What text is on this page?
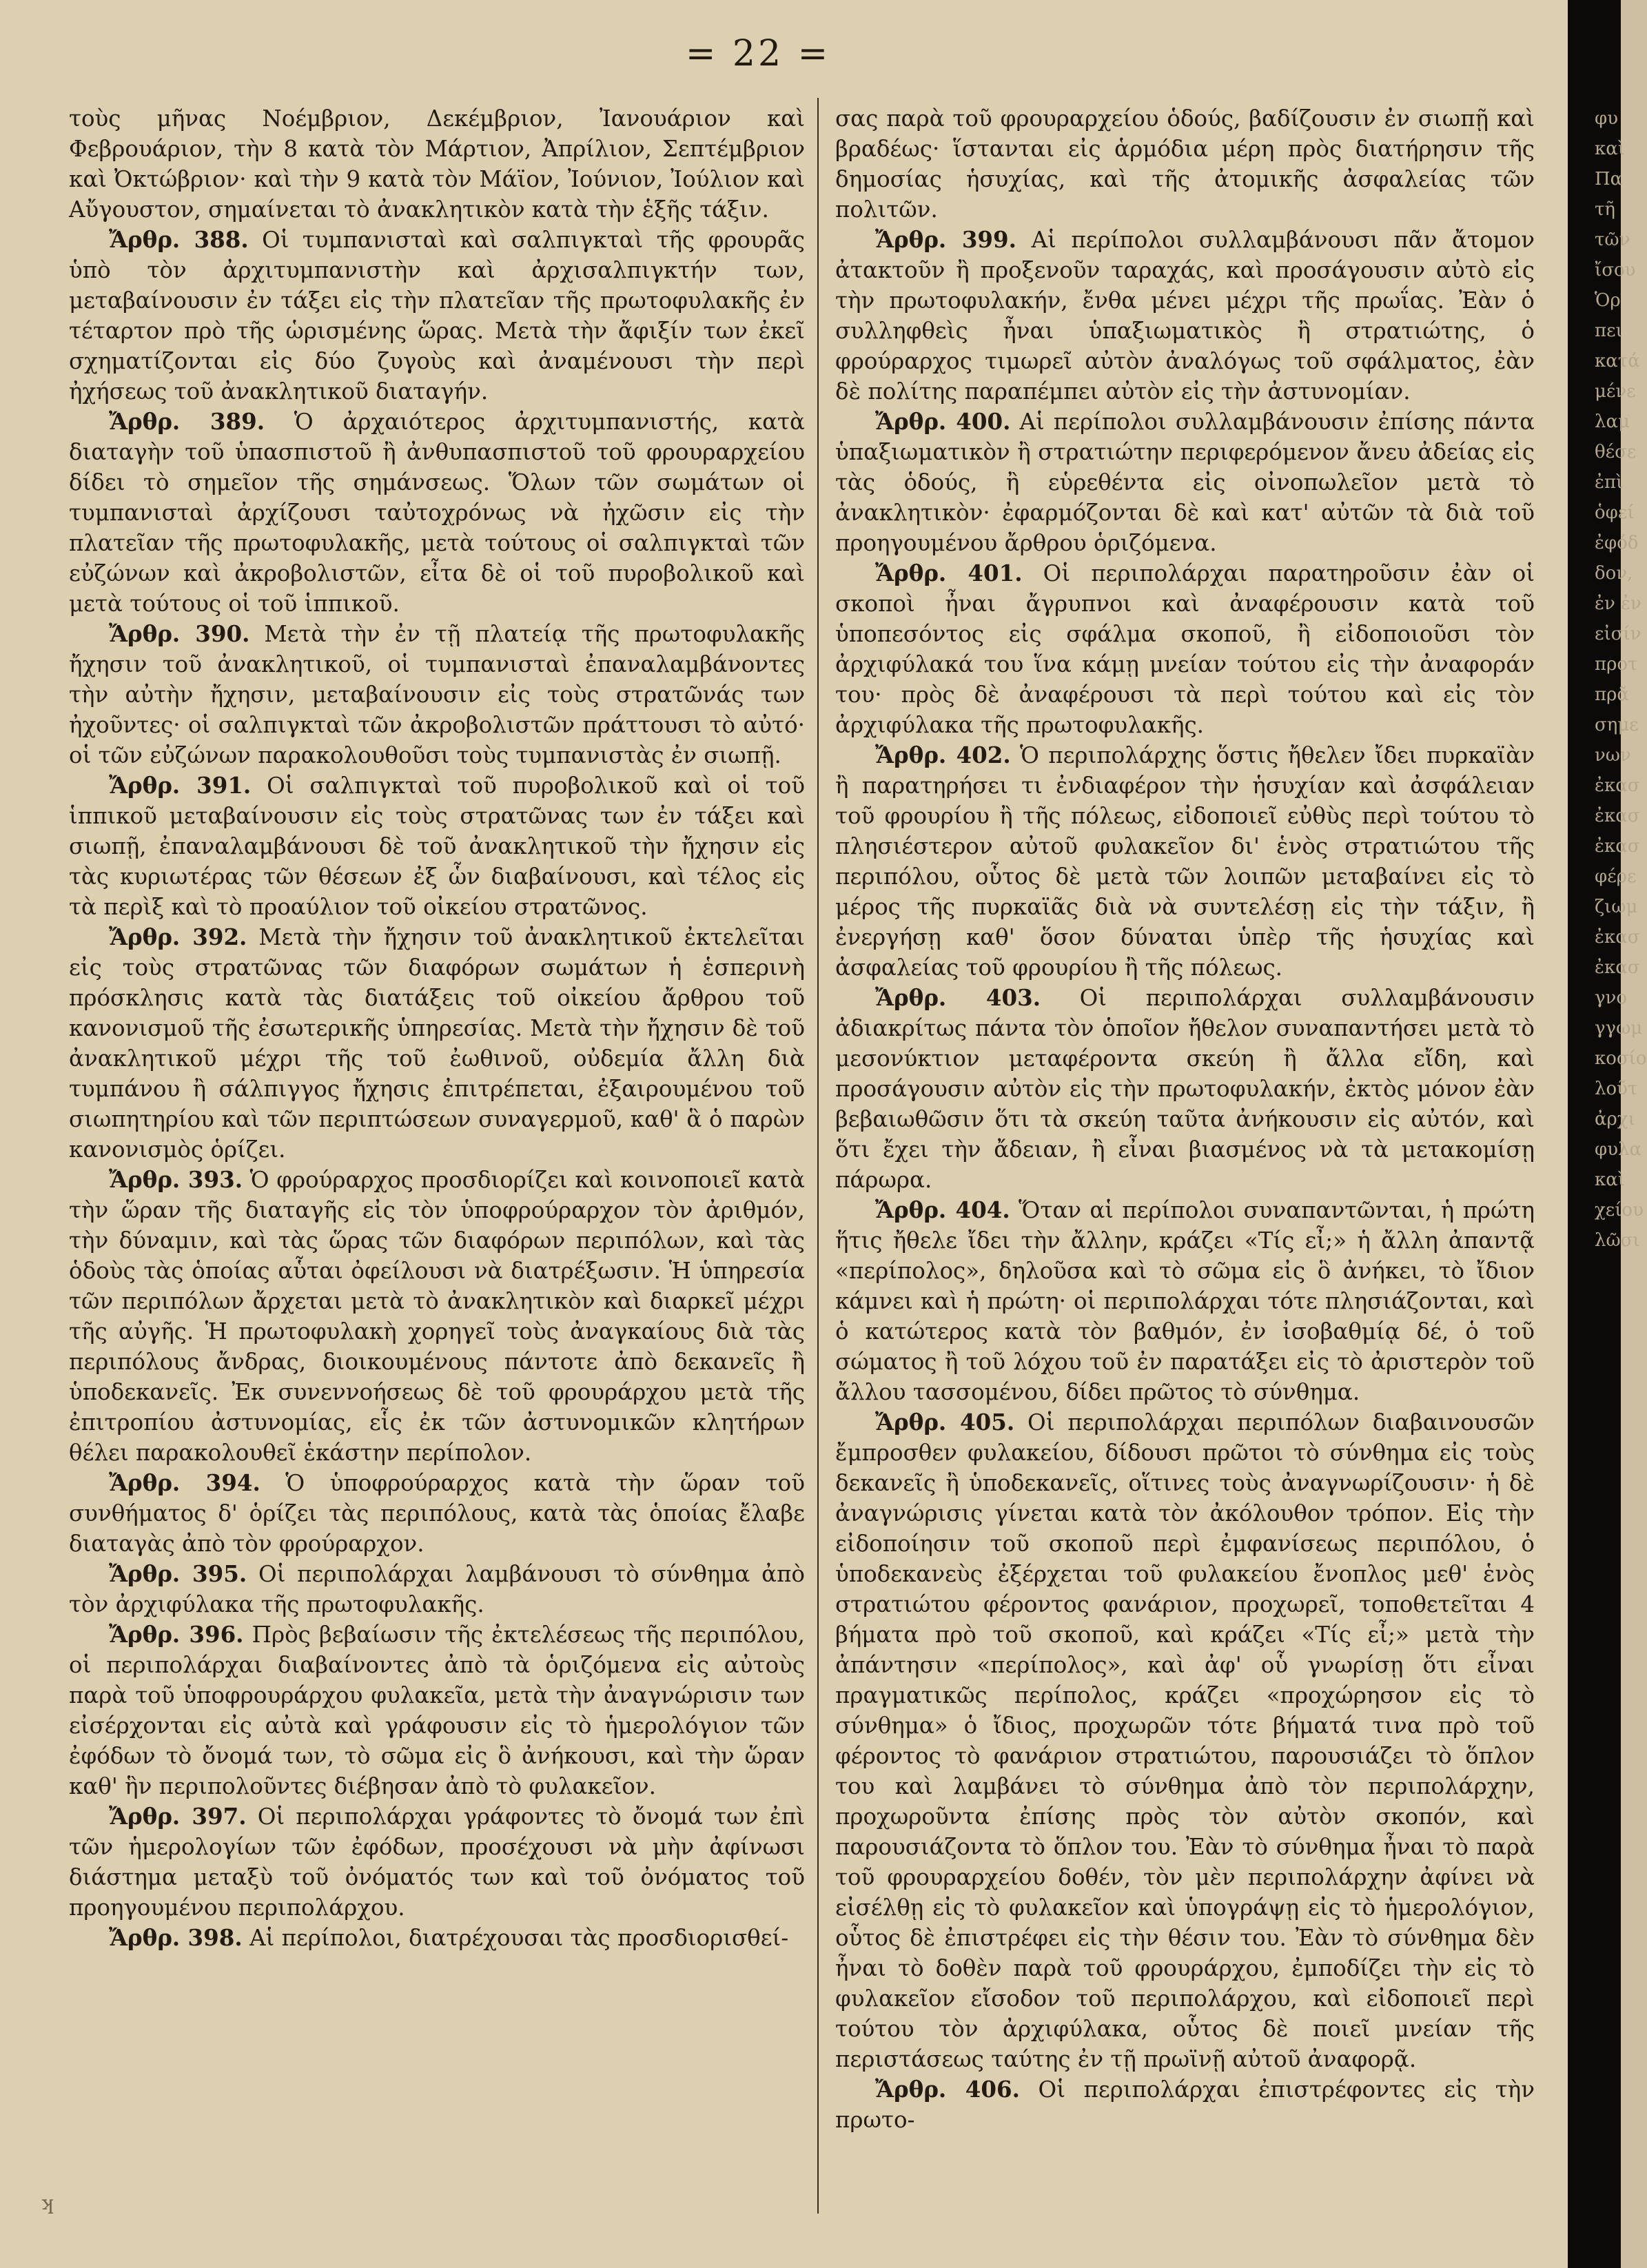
= 22 =

τοὺς μῆνας Νοέμβριον, Δεκέμβριον, Ἰανουάριον καὶ Φεβρουάριον, τὴν 8 κατὰ τὸν Μάρτιον, Ἀπρίλιον, Σεπτέμβριον καὶ Ὀκτώβριον· καὶ τὴν 9 κατὰ τὸν Μάϊον, Ἰούνιον, Ἰούλιον καὶ Αὔγουστον, σημαίνεται τὸ ἀνακλητικὸν κατὰ τὴν ἑξῆς τάξιν.

Ἄρθρ. 388. Οἱ τυμπανισταὶ καὶ σαλπιγκταὶ τῆς φρουρᾶς ὑπὸ τὸν ἀρχιτυμπανιστὴν καὶ ἀρχισαλπιγκτήν των, μεταβαίνουσιν ἐν τάξει εἰς τὴν πλατεῖαν τῆς πρωτοφυλακῆς ἐν τέταρτον πρὸ τῆς ὡρισμένης ὥρας. Μετὰ τὴν ἄφιξίν των ἐκεῖ σχηματίζονται εἰς δύο ζυγοὺς καὶ ἀναμένουσι τὴν περὶ ἠχήσεως τοῦ ἀνακλητικοῦ διαταγήν.

Ἄρθρ. 389. Ὁ ἀρχαιότερος ἀρχιτυμπανιστής, κατὰ διαταγὴν τοῦ ὑπασπιστοῦ ἢ ἀνθυπασπιστοῦ τοῦ φρουραρχείου δίδει τὸ σημεῖον τῆς σημάνσεως. Ὅλων τῶν σωμάτων οἱ τυμπανισταὶ ἀρχίζουσι ταὐτοχρόνως νὰ ἠχῶσιν εἰς τὴν πλατεῖαν τῆς πρωτοφυλακῆς, μετὰ τούτους οἱ σαλπιγκταὶ τῶν εὐζώνων καὶ ἀκροβολιστῶν, εἶτα δὲ οἱ τοῦ πυροβολικοῦ καὶ μετὰ τούτους οἱ τοῦ ἱππικοῦ.

Ἄρθρ. 390. Μετὰ τὴν ἐν τῇ πλατείᾳ τῆς πρωτοφυλακῆς ἤχησιν τοῦ ἀνακλητικοῦ, οἱ τυμπανισταὶ ἐπαναλαμβάνοντες τὴν αὐτὴν ἤχησιν, μεταβαίνουσιν εἰς τοὺς στρατῶνάς των ἠχοῦντες· οἱ σαλπιγκταὶ τῶν ἀκροβολιστῶν πράττουσι τὸ αὐτό· οἱ τῶν εὐζώνων παρακολουθοῦσι τοὺς τυμπανιστὰς ἐν σιωπῇ.

Ἄρθρ. 391. Οἱ σαλπιγκταὶ τοῦ πυροβολικοῦ καὶ οἱ τοῦ ἱππικοῦ μεταβαίνουσιν εἰς τοὺς στρατῶνας των ἐν τάξει καὶ σιωπῇ, ἐπαναλαμβάνουσι δὲ τοῦ ἀνακλητικοῦ τὴν ἤχησιν εἰς τὰς κυριωτέρας τῶν θέσεων ἐξ ὧν διαβαίνουσι, καὶ τέλος εἰς τὰ περὶξ καὶ τὸ προαύλιον τοῦ οἰκείου στρατῶνος.

Ἄρθρ. 392. Μετὰ τὴν ἤχησιν τοῦ ἀνακλητικοῦ ἐκτελεῖται εἰς τοὺς στρατῶνας τῶν διαφόρων σωμάτων ἡ ἑσπερινὴ πρόσκλησις κατὰ τὰς διατάξεις τοῦ οἰκείου ἄρθρου τοῦ κανονισμοῦ τῆς ἐσωτερικῆς ὑπηρεσίας. Μετὰ τὴν ἤχησιν δὲ τοῦ ἀνακλητικοῦ μέχρι τῆς τοῦ ἐωθινοῦ, οὐδεμία ἄλλη διὰ τυμπάνου ἢ σάλπιγγος ἤχησις ἐπιτρέπεται, ἐξαιρουμένου τοῦ σιωπητηρίου καὶ τῶν περιπτώσεων συναγερμοῦ, καθ' ἃ ὁ παρὼν κανονισμὸς ὁρίζει.

Ἄρθρ. 393. Ὁ φρούραρχος προσδιορίζει καὶ κοινοποιεῖ κατὰ τὴν ὥραν τῆς διαταγῆς εἰς τὸν ὑποφρούραρχον τὸν ἀριθμόν, τὴν δύναμιν, καὶ τὰς ὥρας τῶν διαφόρων περιπόλων, καὶ τὰς ὁδοὺς τὰς ὁποίας αὗται ὀφείλουσι νὰ διατρέξωσιν. Ἡ ὑπηρεσία τῶν περιπόλων ἄρχεται μετὰ τὸ ἀνακλητικὸν καὶ διαρκεῖ μέχρι τῆς αὐγῆς. Ἡ πρωτοφυλακὴ χορηγεῖ τοὺς ἀναγκαίους διὰ τὰς περιπόλους ἄνδρας, διοικουμένους πάντοτε ἀπὸ δεκανεῖς ἢ ὑποδεκανεῖς. Ἐκ συνεννοήσεως δὲ τοῦ φρουράρχου μετὰ τῆς ἐπιτροπίου ἀστυνομίας, εἷς ἐκ τῶν ἀστυνομικῶν κλητήρων θέλει παρακολουθεῖ ἑκάστην περίπολον.

Ἄρθρ. 394. Ὁ ὑποφρούραρχος κατὰ τὴν ὥραν τοῦ συνθήματος δ' ὁρίζει τὰς περιπόλους, κατὰ τὰς ὁποίας ἔλαβε διαταγὰς ἀπὸ τὸν φρούραρχον.

Ἄρθρ. 395. Οἱ περιπολάρχαι λαμβάνουσι τὸ σύνθημα ἀπὸ τὸν ἀρχιφύλακα τῆς πρωτοφυλακῆς.

Ἄρθρ. 396. Πρὸς βεβαίωσιν τῆς ἐκτελέσεως τῆς περιπόλου, οἱ περιπολάρχαι διαβαίνοντες ἀπὸ τὰ ὁριζόμενα εἰς αὐτοὺς παρὰ τοῦ ὑποφρουράρχου φυλακεῖα, μετὰ τὴν ἀναγνώρισιν των εἰσέρχονται εἰς αὐτὰ καὶ γράφουσιν εἰς τὸ ἡμερολόγιον τῶν ἐφόδων τὸ ὄνομά των, τὸ σῶμα εἰς ὃ ἀνήκουσι, καὶ τὴν ὥραν καθ' ἣν περιπολοῦντες διέβησαν ἀπὸ τὸ φυλακεῖον.

Ἄρθρ. 397. Οἱ περιπολάρχαι γράφοντες τὸ ὄνομά των ἐπὶ τῶν ἡμερολογίων τῶν ἐφόδων, προσέχουσι νὰ μὴν ἀφίνωσι διάστημα μεταξὺ τοῦ ὀνόματός των καὶ τοῦ ὀνόματος τοῦ προηγουμένου περιπολάρχου.

Ἄρθρ. 398. Αἱ περίπολοι, διατρέχουσαι τὰς προσδιορισθεί-

σας παρὰ τοῦ φρουραρχείου ὁδούς, βαδίζουσιν ἐν σιωπῇ καὶ βραδέως· ἵστανται εἰς ἁρμόδια μέρη πρὸς διατήρησιν τῆς δημοσίας ἡσυχίας, καὶ τῆς ἀτομικῆς ἀσφαλείας τῶν πολιτῶν.

Ἄρθρ. 399. Αἱ περίπολοι συλλαμβάνουσι πᾶν ἄτομον ἀτακτοῦν ἢ προξενοῦν ταραχάς, καὶ προσάγουσιν αὐτὸ εἰς τὴν πρωτοφυλακήν, ἔνθα μένει μέχρι τῆς πρωΐας. Ἐὰν ὁ συλληφθεὶς ἦναι ὑπαξιωματικὸς ἢ στρατιώτης, ὁ φρούραρχος τιμωρεῖ αὐτὸν ἀναλόγως τοῦ σφάλματος, ἐὰν δὲ πολίτης παραπέμπει αὐτὸν εἰς τὴν ἀστυνομίαν.

Ἄρθρ. 400. Αἱ περίπολοι συλλαμβάνουσιν ἐπίσης πάντα ὑπαξιωματικὸν ἢ στρατιώτην περιφερόμενον ἄνευ ἀδείας εἰς τὰς ὁδούς, ἢ εὑρεθέντα εἰς οἰνοπωλεῖον μετὰ τὸ ἀνακλητικὸν· ἐφαρμόζονται δὲ καὶ κατ' αὐτῶν τὰ διὰ τοῦ προηγουμένου ἄρθρου ὁριζόμενα.

Ἄρθρ. 401. Οἱ περιπολάρχαι παρατηροῦσιν ἐὰν οἱ σκοποὶ ἦναι ἄγρυπνοι καὶ ἀναφέρουσιν κατὰ τοῦ ὑποπεσόντος εἰς σφάλμα σκοποῦ, ἢ εἰδοποιοῦσι τὸν ἀρχιφύλακά του ἵνα κάμῃ μνείαν τούτου εἰς τὴν ἀναφοράν του· πρὸς δὲ ἀναφέρουσι τὰ περὶ τούτου καὶ εἰς τὸν ἀρχιφύλακα τῆς πρωτοφυλακῆς.

Ἄρθρ. 402. Ὁ περιπολάρχης ὅστις ἤθελεν ἴδει πυρκαϊὰν ἢ παρατηρήσει τι ἐνδιαφέρον τὴν ἡσυχίαν καὶ ἀσφάλειαν τοῦ φρουρίου ἢ τῆς πόλεως, εἰδοποιεῖ εὐθὺς περὶ τούτου τὸ πλησιέστερον αὐτοῦ φυλακεῖον δι' ἑνὸς στρατιώτου τῆς περιπόλου, οὗτος δὲ μετὰ τῶν λοιπῶν μεταβαίνει εἰς τὸ μέρος τῆς πυρκαϊᾶς διὰ νὰ συντελέσῃ εἰς τὴν τάξιν, ἢ ἐνεργήσῃ καθ' ὅσον δύναται ὑπὲρ τῆς ἡσυχίας καὶ ἀσφαλείας τοῦ φρουρίου ἢ τῆς πόλεως.

Ἄρθρ. 403. Οἱ περιπολάρχαι συλλαμβάνουσιν ἀδιακρίτως πάντα τὸν ὁποῖον ἤθελον συναπαντήσει μετὰ τὸ μεσονύκτιον μεταφέροντα σκεύη ἢ ἄλλα εἴδη, καὶ προσάγουσιν αὐτὸν εἰς τὴν πρωτοφυλακήν, ἐκτὸς μόνον ἐὰν βεβαιωθῶσιν ὅτι τὰ σκεύη ταῦτα ἀνήκουσιν εἰς αὐτόν, καὶ ὅτι ἔχει τὴν ἄδειαν, ἢ εἶναι βιασμένος νὰ τὰ μετακομίσῃ πάρωρα.

Ἄρθρ. 404. Ὅταν αἱ περίπολοι συναπαντῶνται, ἡ πρώτη ἥτις ἤθελε ἴδει τὴν ἄλλην, κράζει «Τίς εἶ;» ἡ ἄλλη ἀπαντᾷ «περίπολος», δηλοῦσα καὶ τὸ σῶμα εἰς ὃ ἀνήκει, τὸ ἴδιον κάμνει καὶ ἡ πρώτη· οἱ περιπολάρχαι τότε πλησιάζονται, καὶ ὁ κατώτερος κατὰ τὸν βαθμόν, ἐν ἰσοβαθμίᾳ δέ, ὁ τοῦ σώματος ἢ τοῦ λόχου τοῦ ἐν παρατάξει εἰς τὸ ἀριστερὸν τοῦ ἄλλου τασσομένου, δίδει πρῶτος τὸ σύνθημα.

Ἄρθρ. 405. Οἱ περιπολάρχαι περιπόλων διαβαινουσῶν ἔμπροσθεν φυλακείου, δίδουσι πρῶτοι τὸ σύνθημα εἰς τοὺς δεκανεῖς ἢ ὑποδεκανεῖς, οἵτινες τοὺς ἀναγνωρίζουσιν· ἡ δὲ ἀναγνώρισις γίνεται κατὰ τὸν ἀκόλουθον τρόπον. Εἰς τὴν εἰδοποίησιν τοῦ σκοποῦ περὶ ἐμφανίσεως περιπόλου, ὁ ὑποδεκανεὺς ἐξέρχεται τοῦ φυλακείου ἔνοπλος μεθ' ἑνὸς στρατιώτου φέροντος φανάριον, προχωρεῖ, τοποθετεῖται 4 βήματα πρὸ τοῦ σκοποῦ, καὶ κράζει «Τίς εἶ;» μετὰ τὴν ἀπάντησιν «περίπολος», καὶ ἀφ' οὗ γνωρίσῃ ὅτι εἶναι πραγματικῶς περίπολος, κράζει «προχώρησον εἰς τὸ σύνθημα» ὁ ἴδιος, προχωρῶν τότε βήματά τινα πρὸ τοῦ φέροντος τὸ φανάριον στρατιώτου, παρουσιάζει τὸ ὅπλον του καὶ λαμβάνει τὸ σύνθημα ἀπὸ τὸν περιπολάρχην, προχωροῦντα ἐπίσης πρὸς τὸν αὐτὸν σκοπόν, καὶ παρουσιάζοντα τὸ ὅπλον του. Ἐὰν τὸ σύνθημα ἦναι τὸ παρὰ τοῦ φρουραρχείου δοθέν, τὸν μὲν περιπολάρχην ἀφίνει νὰ εἰσέλθῃ εἰς τὸ φυλακεῖον καὶ ὑπογράψῃ εἰς τὸ ἡμερολόγιον, οὗτος δὲ ἐπιστρέφει εἰς τὴν θέσιν του. Ἐὰν τὸ σύνθημα δὲν ἦναι τὸ δοθὲν παρὰ τοῦ φρουράρχου, ἐμποδίζει τὴν εἰς τὸ φυλακεῖον εἴσοδον τοῦ περιπολάρχου, καὶ εἰδοποιεῖ περὶ τούτου τὸν ἀρχιφύλακα, οὗτος δὲ ποιεῖ μνείαν τῆς περιστάσεως ταύτης ἐν τῇ πρωϊνῇ αὐτοῦ ἀναφορᾷ.

Ἄρθρ. 406. Οἱ περιπολάρχαι ἐπιστρέφοντες εἰς τὴν πρωτο-

ʞ
φυ
καὶ
Πα
τῆ
τῶν
ἴσου
Ὁρ
πει
κατά
μένε
λαμ
θέσε
ἐπὶ
ὁφεί
ἐφόδ
δον,
ἐν ἐν
εἰσίν
προτ
πρᾶ
σημε
νων
ἐκασ
ἐκασ
ἐκασ
φέρε
ζιωμ
ἐκασ
ἐκασ
γνο
γγωμ
κοσίο
λοῦτ
ἀρχι
φυλα
καὶ
χείου
λῶσι
